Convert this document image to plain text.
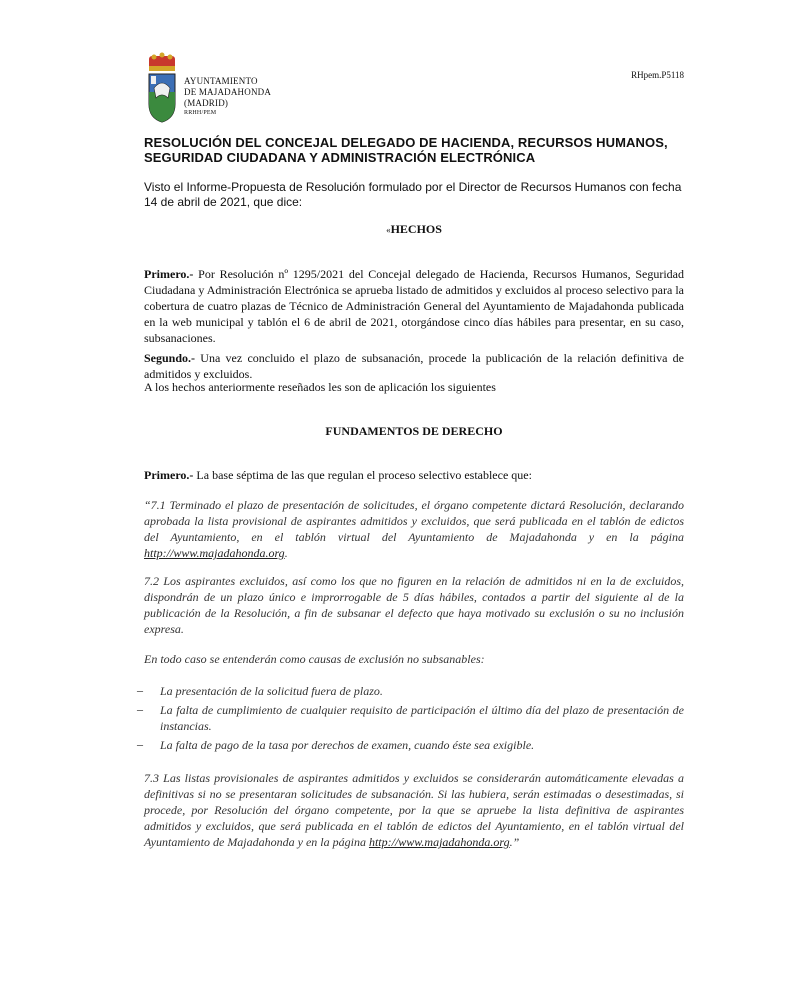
AYUNTAMIENTO
DE MAJADAHONDA
(MADRID)
RRHH/PEM
RHpem.P5118
RESOLUCIÓN DEL CONCEJAL DELEGADO DE HACIENDA, RECURSOS HUMANOS,
SEGURIDAD CIUDADANA Y ADMINISTRACIÓN ELECTRÓNICA
Visto el Informe-Propuesta de Resolución formulado por el Director de Recursos Humanos con fecha 14 de abril de 2021, que dice:
«HECHOS
Primero.- Por Resolución nº 1295/2021 del Concejal delegado de Hacienda, Recursos Humanos, Seguridad Ciudadana y Administración Electrónica se aprueba listado de admitidos y excluidos al proceso selectivo para la cobertura de cuatro plazas de Técnico de Administración General del Ayuntamiento de Majadahonda publicada en la web municipal y tablón el 6 de abril de 2021, otorgándose cinco días hábiles para presentar, en su caso, subsanaciones.
Segundo.- Una vez concluido el plazo de subsanación, procede la publicación de la relación definitiva de admitidos y excluidos.
A los hechos anteriormente reseñados les son de aplicación los siguientes
FUNDAMENTOS DE DERECHO
Primero.- La base séptima de las que regulan el proceso selectivo establece que:
“7.1 Terminado el plazo de presentación de solicitudes, el órgano competente dictará Resolución, declarando aprobada la lista provisional de aspirantes admitidos y excluidos, que será publicada en el tablón de edictos del Ayuntamiento, en el tablón virtual del Ayuntamiento de Majadahonda y en la página http://www.majadahonda.org.
7.2 Los aspirantes excluidos, así como los que no figuren en la relación de admitidos ni en la de excluidos, dispondrán de un plazo único e improrrogable de 5 días hábiles, contados a partir del siguiente al de la publicación de la Resolución, a fin de subsanar el defecto que haya motivado su exclusión o su no inclusión expresa.
En todo caso se entenderán como causas de exclusión no subsanables:
– La presentación de la solicitud fuera de plazo.
– La falta de cumplimiento de cualquier requisito de participación el último día del plazo de presentación de instancias.
– La falta de pago de la tasa por derechos de examen, cuando éste sea exigible.
7.3 Las listas provisionales de aspirantes admitidos y excluidos se considerarán automáticamente elevadas a definitivas si no se presentaran solicitudes de subsanación. Si las hubiera, serán estimadas o desestimadas, si procede, por Resolución del órgano competente, por la que se apruebe la lista definitiva de aspirantes admitidos y excluidos, que será publicada en el tablón de edictos del Ayuntamiento, en el tablón virtual del Ayuntamiento de Majadahonda y en la página http://www.majadahonda.org.”
